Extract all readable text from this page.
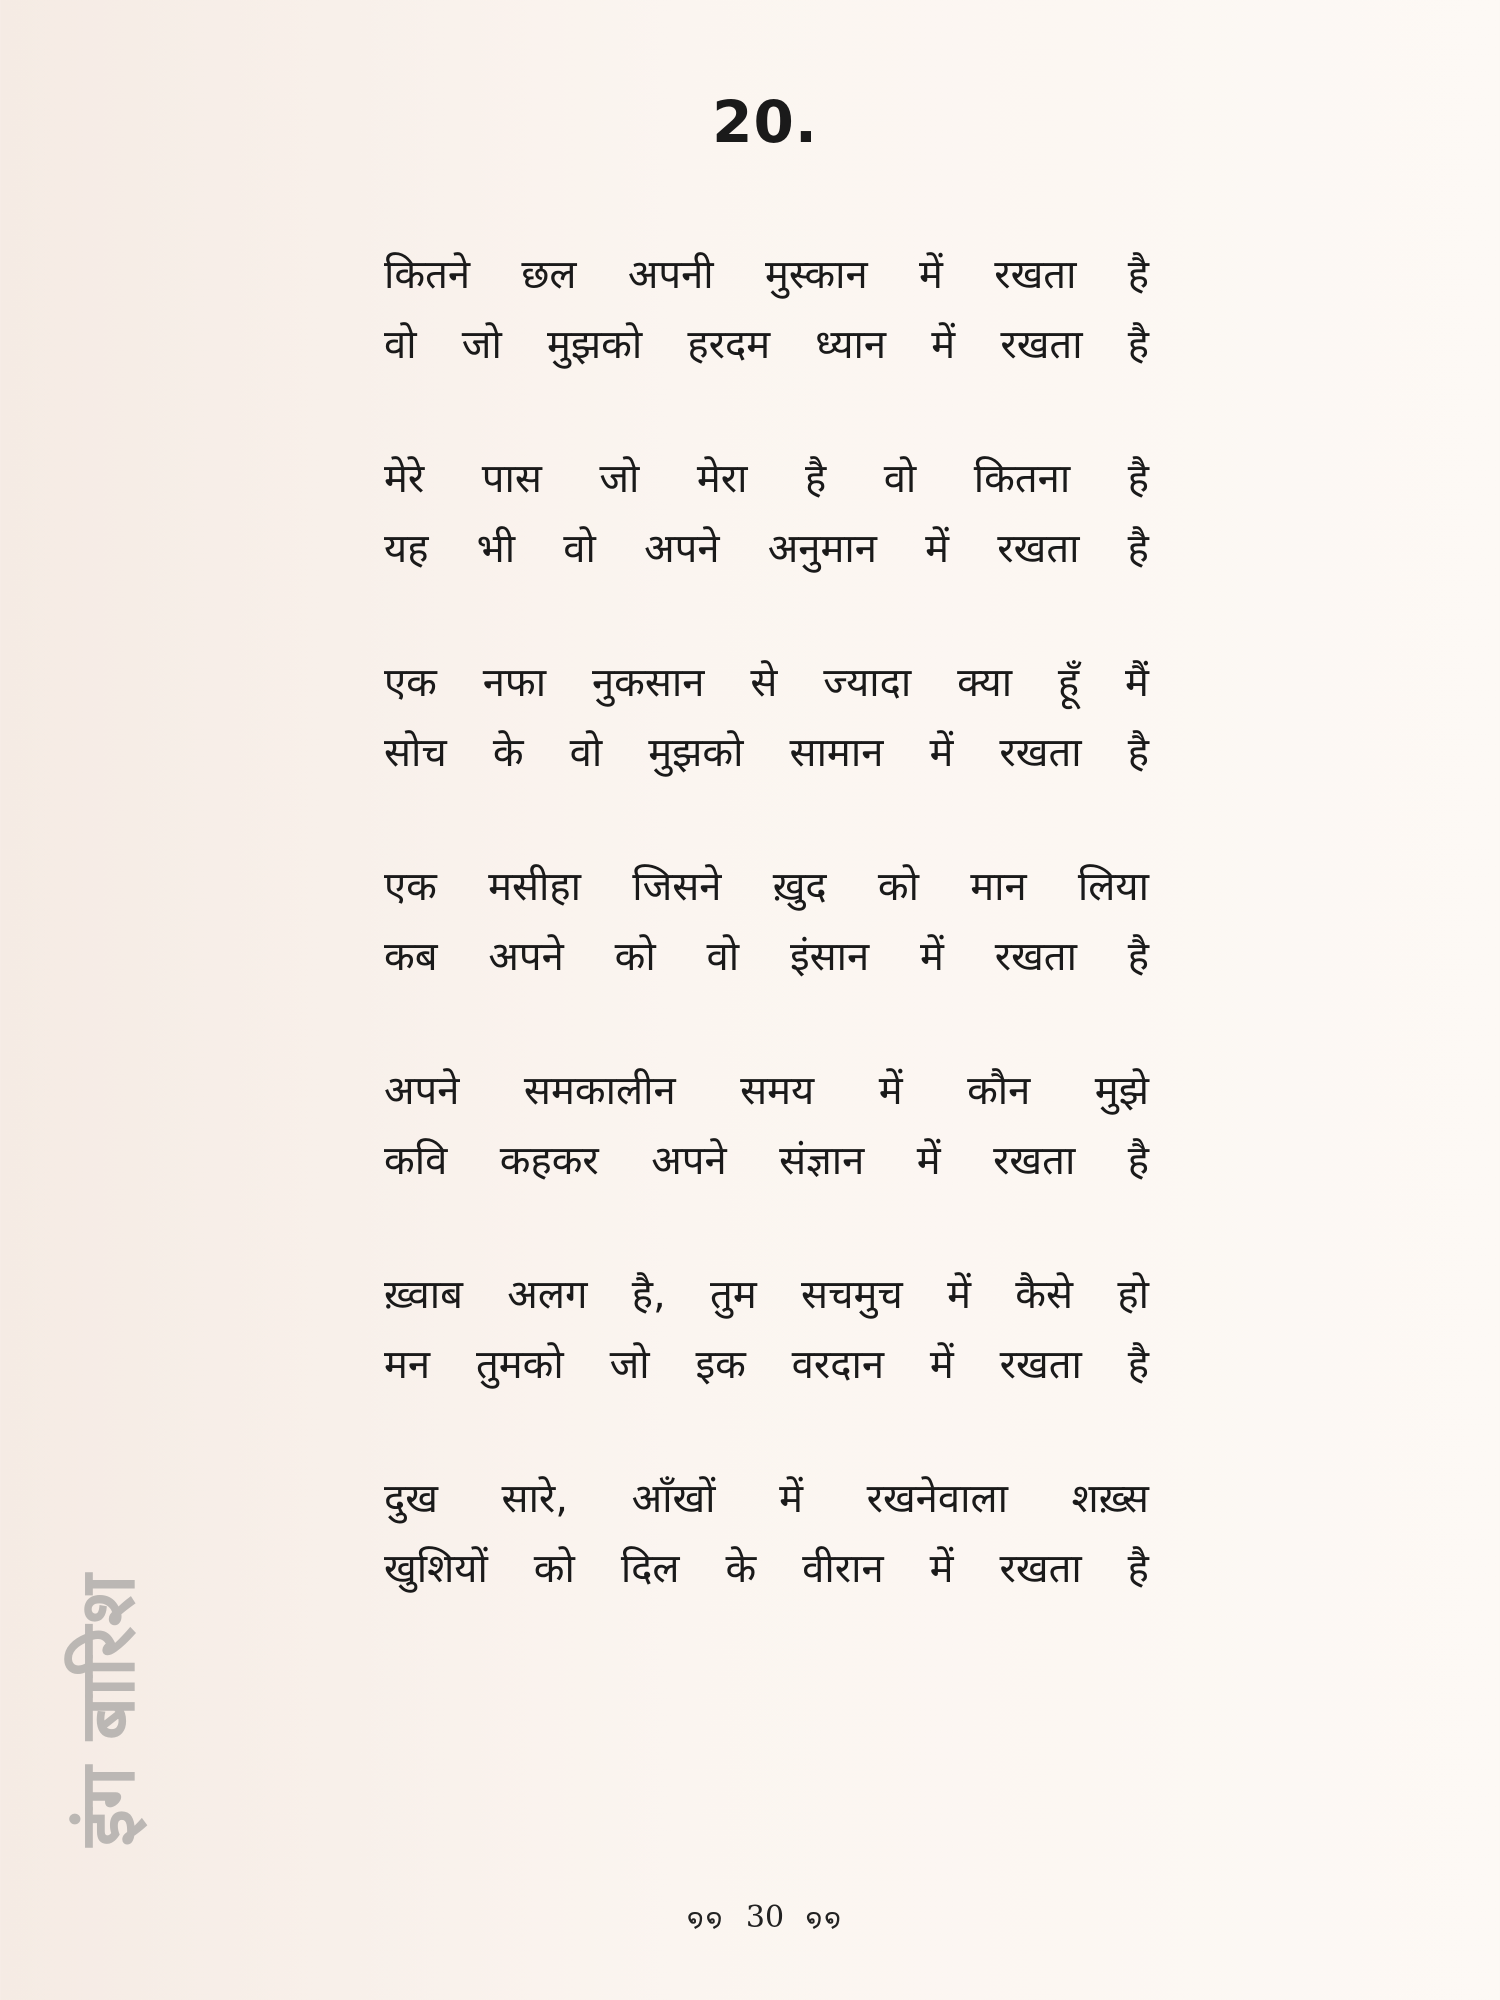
20.
कितने छल अपनी मुस्कान में रखता है
वो जो मुझको हरदम ध्यान में रखता है
मेरे पास जो मेरा है वो कितना है
यह भी वो अपने अनुमान में रखता है
एक नफा नुकसान से ज्यादा क्या हूँ मैं
सोच के वो मुझको सामान में रखता है
एक मसीहा जिसने ख़ुद को मान लिया
कब अपने को वो इंसान में रखता है
अपने समकालीन समय में कौन मुझे
कवि कहकर अपने संज्ञान में रखता है
ख़्वाब अलग है, तुम सचमुच में कैसे हो
मन तुमको जो इक वरदान में रखता है
दुख सारे, आँखों में रखनेवाला शख़्स
खुशियों को दिल के वीरान में रखता है
इंग बारिश
໑໑ 30 ໑໑
